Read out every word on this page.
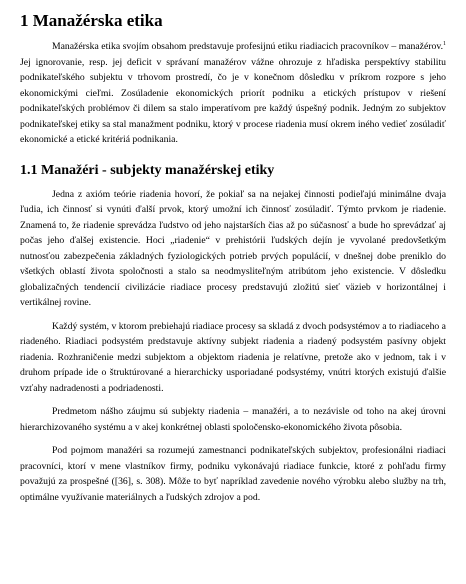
1 Manažérska etika

Manažérska etika svojím obsahom predstavuje profesijnú etiku riadiacich pracovníkov – manažérov.$^1$ Jej ignorovanie, resp. jej deficit v správaní manažérov vážne ohrozuje z hľadiska perspektívy stabilitu podnikateľského subjektu v trhovom prostredí, čo je v konečnom dôsledku v príkrom rozpore s jeho ekonomickými cieľmi. Zosúladenie ekonomických priorít podniku a etických prístupov v riešení podnikateľských problémov či dilem sa stalo imperatívom pre každý úspešný podnik. Jedným zo subjektov podnikateľskej etiky sa stal manažment podniku, ktorý v procese riadenia musí okrem iného vedieť zosúladiť ekonomické a etické kritériá podnikania.

1.1 Manažéri - subjekty manažérskej etiky

Jedna z axióm teórie riadenia hovorí, že pokiaľ sa na nejakej činnosti podieľajú minimálne dvaja ľudia, ich činnosť si vynúti ďalší prvok, ktorý umožní ich činnosť zosúladiť. Týmto prvkom je riadenie. Znamená to, že riadenie sprevádza ľudstvo od jeho najstarších čias až po súčasnosť a bude ho sprevádzať aj počas jeho ďalšej existencie. Hoci „riadenie“ v prehistórii ľudských dejín je vyvolané predovšetkým nutnosťou zabezpečenia základných fyziologických potrieb prvých populácií, v dnešnej dobe preniklo do všetkých oblastí života spoločnosti a stalo sa neodmysliteľným atribútom jeho existencie. V dôsledku globalizačných tendencií civilizácie riadiace procesy predstavujú zložitú sieť väzieb v horizontálnej i vertikálnej rovine.

Každý systém, v ktorom prebiehajú riadiace procesy sa skladá z dvoch podsystémov a to riadiaceho a riadeného. Riadiaci podsystém predstavuje aktívny subjekt riadenia a riadený podsystém pasívny objekt riadenia. Rozhraničenie medzi subjektom a objektom riadenia je relatívne, pretože ako v jednom, tak i v druhom prípade ide o štruktúrované a hierarchicky usporiadané podsystémy, vnútri ktorých existujú ďalšie vzťahy nadradenosti a podriadenosti.

Predmetom nášho záujmu sú subjekty riadenia – manažéri, a to nezávisle od toho na akej úrovni hierarchizovaného systému a v akej konkrétnej oblasti spoločensko-ekonomického života pôsobia.

Pod pojmom manažéri sa rozumejú zamestnanci podnikateľských subjektov, profesionálni riadiaci pracovníci, ktorí v mene vlastníkov firmy, podniku vykonávajú riadiace funkcie, ktoré z pohľadu firmy považujú za prospešné ([36], s. 308). Môže to byť napríklad zavedenie nového výrobku alebo služby na trh, optimálne využívanie materiálnych a ľudských zdrojov a pod.
